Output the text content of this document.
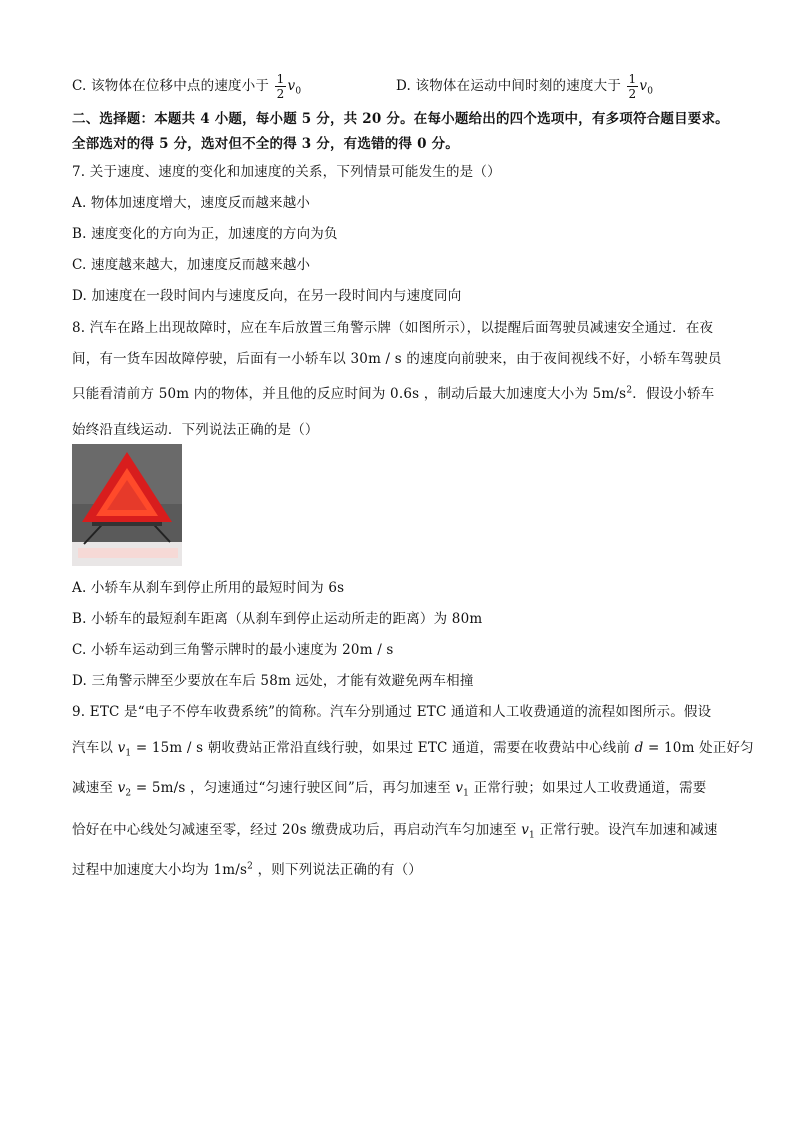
C. 该物体在位移中点的速度小于 $\frac{1}{2} v_0$	D. 该物体在运动中间时刻的速度大于 $\frac{1}{2} v_0$
二、选择题：本题共 4 小题，每小题 5 分，共 20 分。在每小题给出的四个选项中，有多项符合题目要求。
全部选对的得 5 分，选对但不全的得 3 分，有选错的得 0 分。
7. 关于速度、速度的变化和加速度的关系，下列情景可能发生的是（）
A. 物体加速度增大，速度反而越来越小
B. 速度变化的方向为正，加速度的方向为负
C. 速度越来越大，加速度反而越来越小
D. 加速度在一段时间内与速度反向，在另一段时间内与速度同向
8. 汽车在路上出现故障时，应在车后放置三角警示牌（如图所示），以提醒后面驾驶员减速安全通过．在夜
间，有一货车因故障停驶，后面有一小轿车以 30m / s 的速度向前驶来，由于夜间视线不好，小轿车驾驶员
只能看清前方 50m 内的物体，并且他的反应时间为 0.6s ，制动后最大加速度大小为 $5m/s^2$．假设小轿车
始终沿直线运动．下列说法正确的是（）
A. 小轿车从刹车到停止所用的最短时间为 6s
B. 小轿车的最短刹车距离（从刹车到停止运动所走的距离）为 80m
C. 小轿车运动到三角警示牌时的最小速度为 20m / s
D. 三角警示牌至少要放在车后 58m 远处，才能有效避免两车相撞
9. ETC 是“电子不停车收费系统”的简称。汽车分别通过 ETC 通道和人工收费通道的流程如图所示。假设
汽车以 $v_1 = 15m / s$ 朝收费站正常沿直线行驶，如果过 ETC 通道，需要在收费站中心线前 d = 10m 处正好匀
减速至 $v_2 = 5m/s$ ，匀速通过“匀速行驶区间”后，再匀加速至 $v_1$ 正常行驶；如果过人工收费通道，需要
恰好在中心线处匀减速至零，经过 20s 缴费成功后，再启动汽车匀加速至 $v_1$ 正常行驶。设汽车加速和减速
过程中加速度大小均为 $1m/s^2$ ，则下列说法正确的有（）
